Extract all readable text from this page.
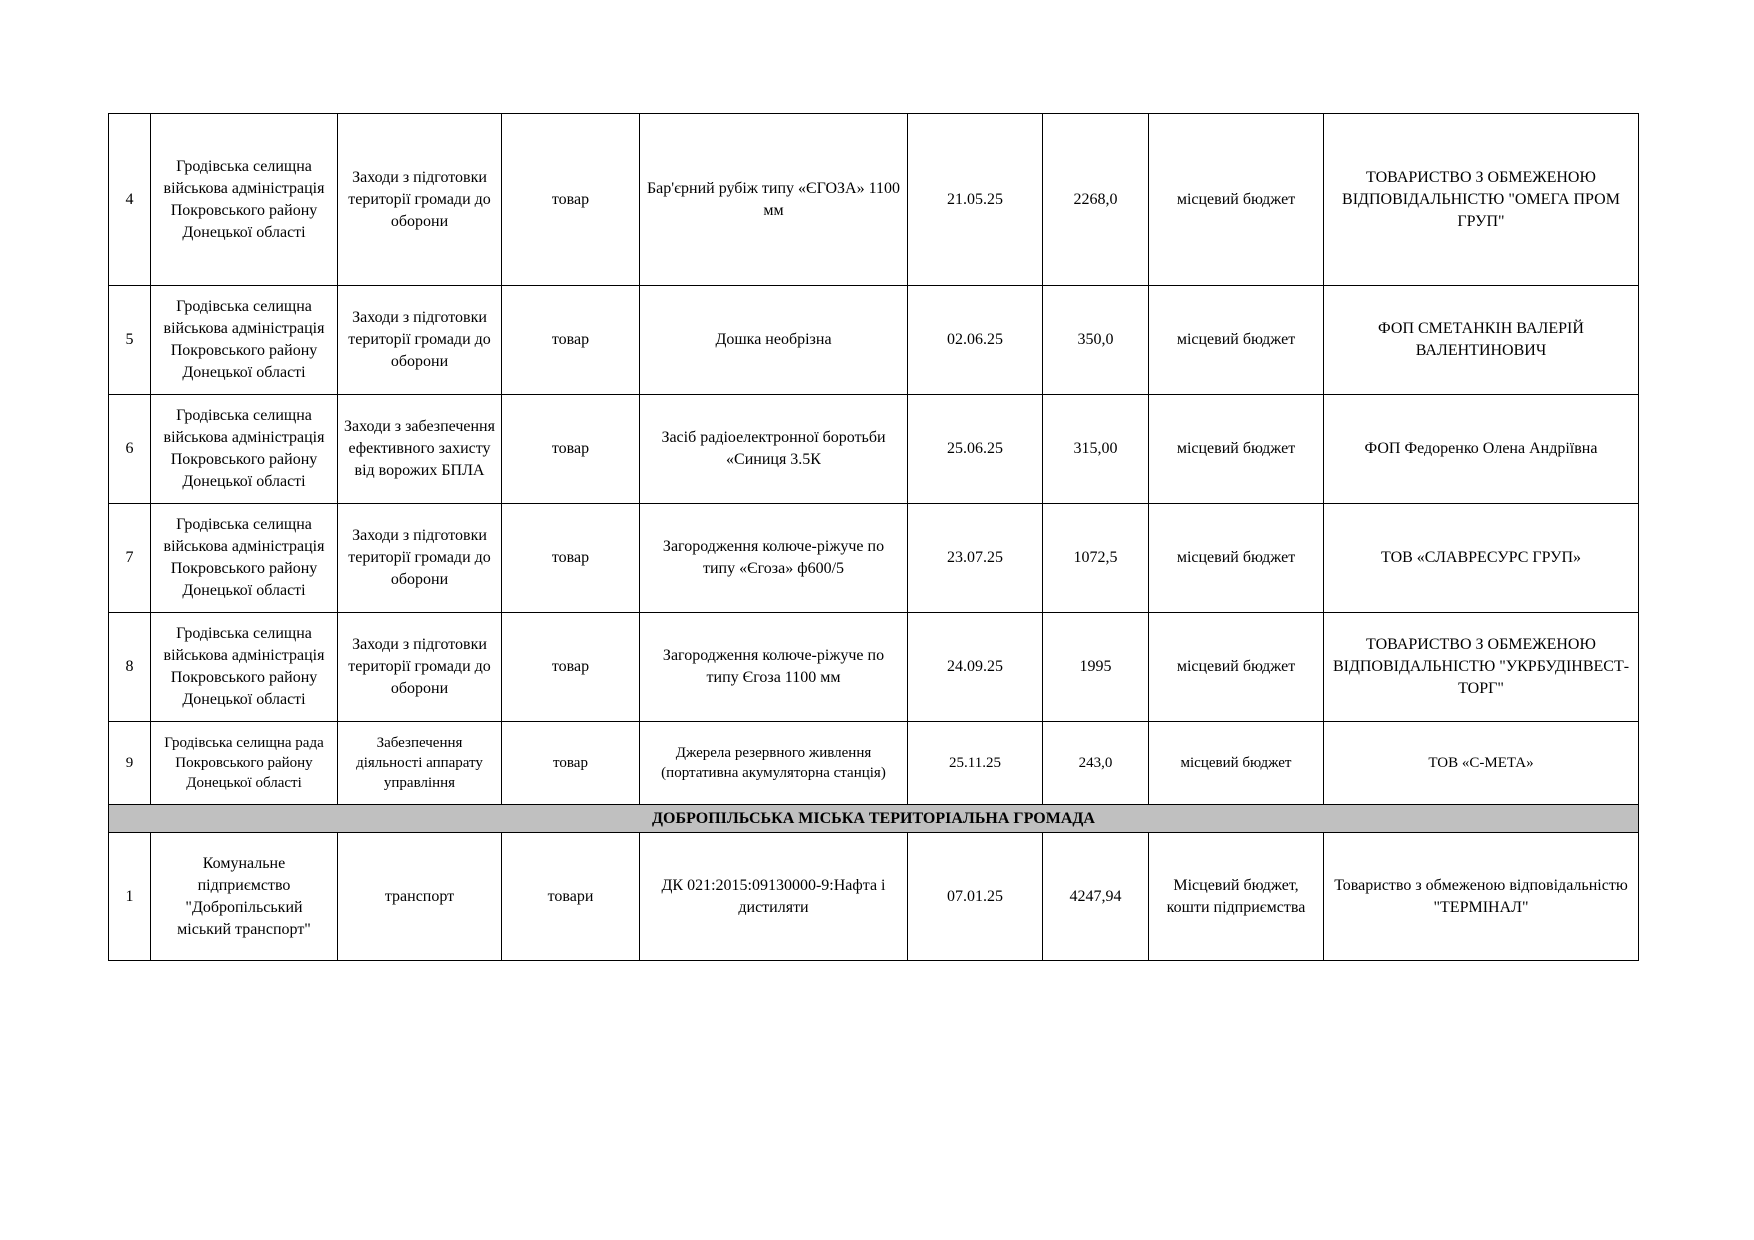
4	Гродівська селищна військова адміністрація Покровського району Донецької області	Заходи з підготовки території громади до оборони	товар	Бар'єрний рубіж типу «ЄГОЗА» 1100 мм	21.05.25	2268,0	місцевий бюджет	ТОВАРИСТВО З ОБМЕЖЕНОЮ ВІДПОВІДАЛЬНІСТЮ "ОМЕГА ПРОМ ГРУП"
5	Гродівська селищна військова адміністрація Покровського району Донецької області	Заходи з підготовки території громади до оборони	товар	Дошка необрізна	02.06.25	350,0	місцевий бюджет	ФОП СМЕТАНКІН ВАЛЕРІЙ ВАЛЕНТИНОВИЧ
6	Гродівська селищна військова адміністрація Покровського району Донецької області	Заходи з забезпечення ефективного захисту від ворожих БПЛА	товар	Засіб радіоелектронної боротьби «Синиця 3.5К	25.06.25	315,00	місцевий бюджет	ФОП Федоренко Олена Андріївна
7	Гродівська селищна військова адміністрація Покровського району Донецької області	Заходи з підготовки території громади до оборони	товар	Загородження колюче-ріжуче по типу «Єгоза» ф600/5	23.07.25	1072,5	місцевий бюджет	ТОВ «СЛАВРЕСУРС ГРУП»
8	Гродівська селищна військова адміністрація Покровського району Донецької області	Заходи з підготовки території громади до оборони	товар	Загородження колюче-ріжуче по типу Єгоза 1100 мм	24.09.25	1995	місцевий бюджет	ТОВАРИСТВО З ОБМЕЖЕНОЮ ВІДПОВІДАЛЬНІСТЮ "УКРБУДІНВЕСТ-ТОРГ"
9	Гродівська селищна рада Покровського району Донецької області	Забезпечення діяльності аппарату управління	товар	Джерела резервного живлення (портативна акумуляторна станція)	25.11.25	243,0	місцевий бюджет	ТОВ «С-МЕТА»
ДОБРОПІЛЬСЬКА МІСЬКА ТЕРИТОРІАЛЬНА ГРОМАДА								
1	Комунальне підприємство "Добропільський міський транспорт"	транспорт	товари	ДК 021:2015:09130000-9:Нафта і дистиляти	07.01.25	4247,94	Місцевий бюджет, кошти підприємства	Товариство з обмеженою відповідальністю "ТЕРМІНАЛ"
